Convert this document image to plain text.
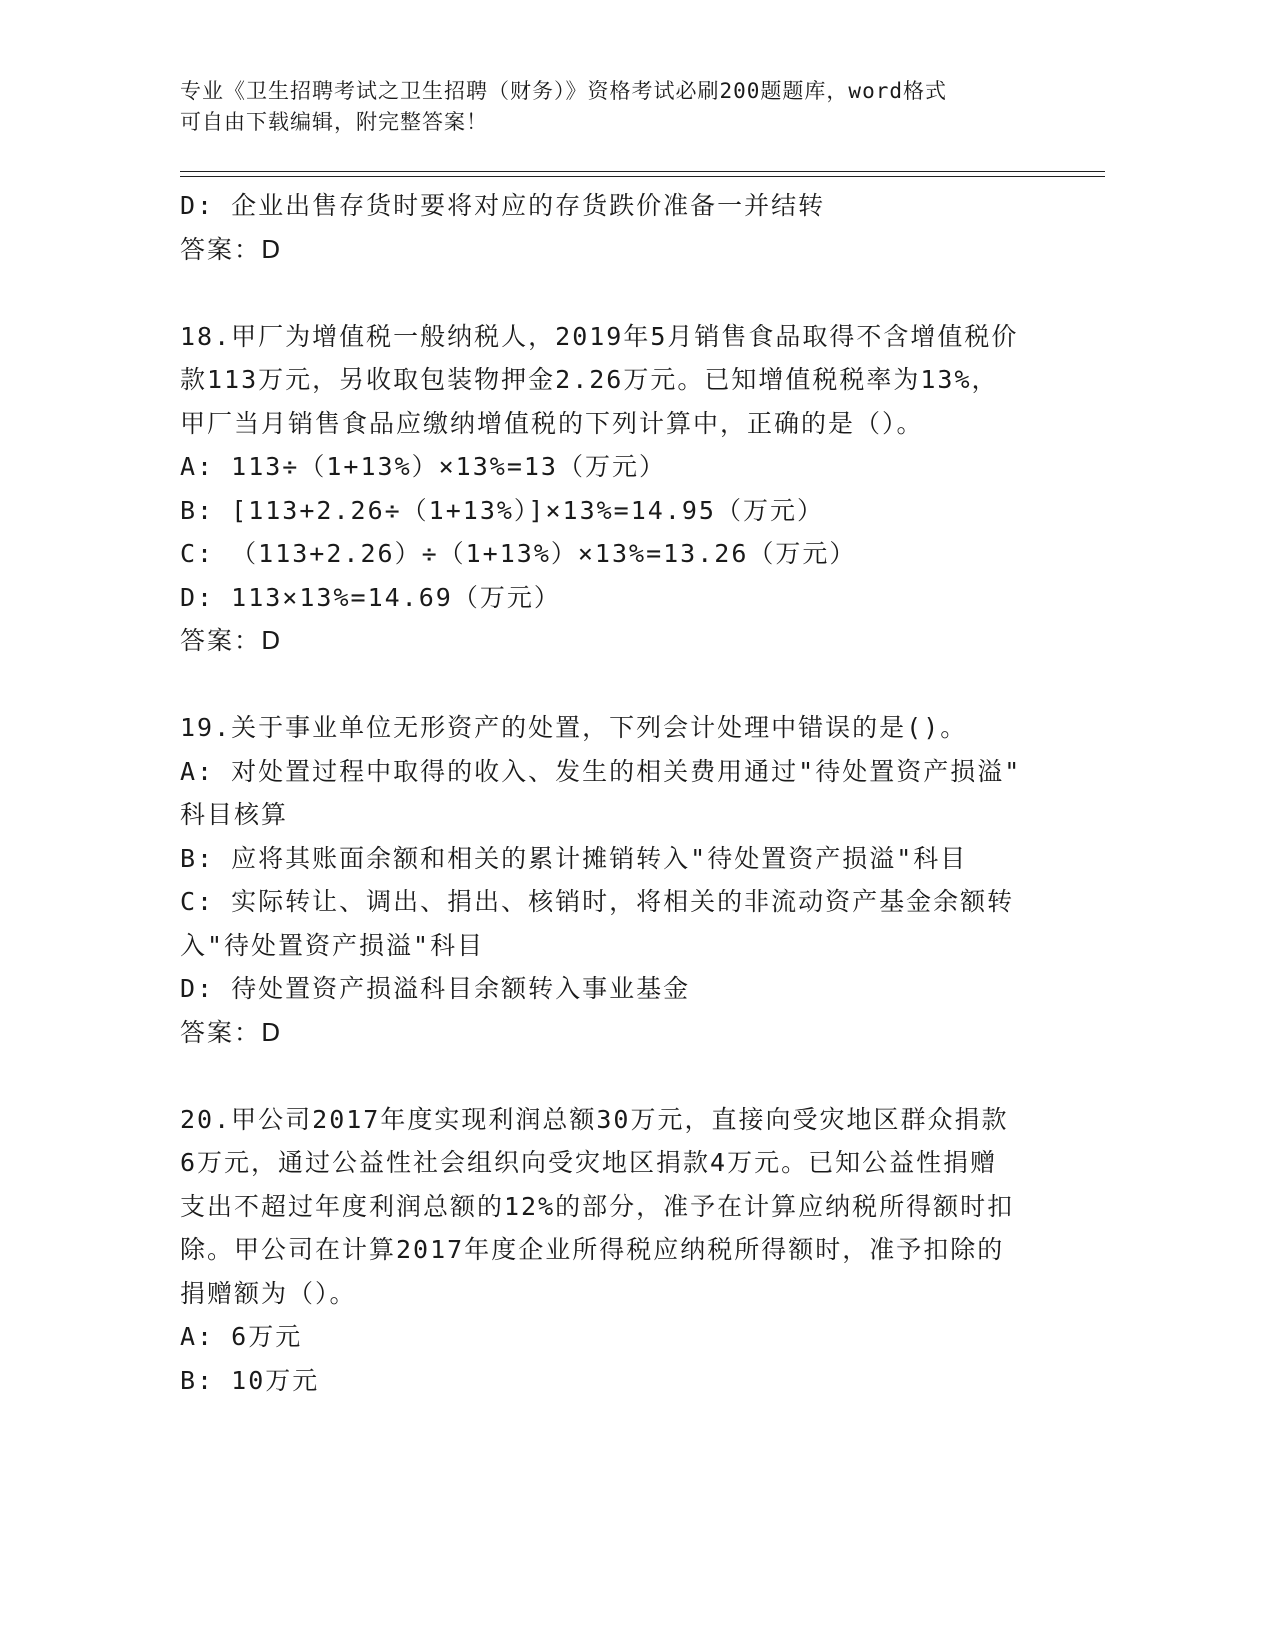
专业《卫生招聘考试之卫生招聘（财务）》资格考试必刷200题题库，word格式
可自由下载编辑，附完整答案！
D: 企业出售存货时要将对应的存货跌价准备一并结转
答案：D
18.甲厂为增值税一般纳税人，2019年5月销售食品取得不含增值税价
款113万元，另收取包装物押金2.26万元。已知增值税税率为13%，
甲厂当月销售食品应缴纳增值税的下列计算中，正确的是（）。
A: 113÷（1+13%）×13%=13（万元）
B: [113+2.26÷（1+13%）]×13%=14.95（万元）
C: （113+2.26）÷（1+13%）×13%=13.26（万元）
D: 113×13%=14.69（万元）
答案：D
19.关于事业单位无形资产的处置，下列会计处理中错误的是()。
A: 对处置过程中取得的收入、发生的相关费用通过"待处置资产损溢"
科目核算
B: 应将其账面余额和相关的累计摊销转入"待处置资产损溢"科目
C: 实际转让、调出、捐出、核销时，将相关的非流动资产基金余额转
入"待处置资产损溢"科目
D: 待处置资产损溢科目余额转入事业基金
答案：D
20.甲公司2017年度实现利润总额30万元，直接向受灾地区群众捐款
6万元，通过公益性社会组织向受灾地区捐款4万元。已知公益性捐赠
支出不超过年度利润总额的12%的部分，准予在计算应纳税所得额时扣
除。甲公司在计算2017年度企业所得税应纳税所得额时，准予扣除的
捐赠额为（）。
A: 6万元
B: 10万元
